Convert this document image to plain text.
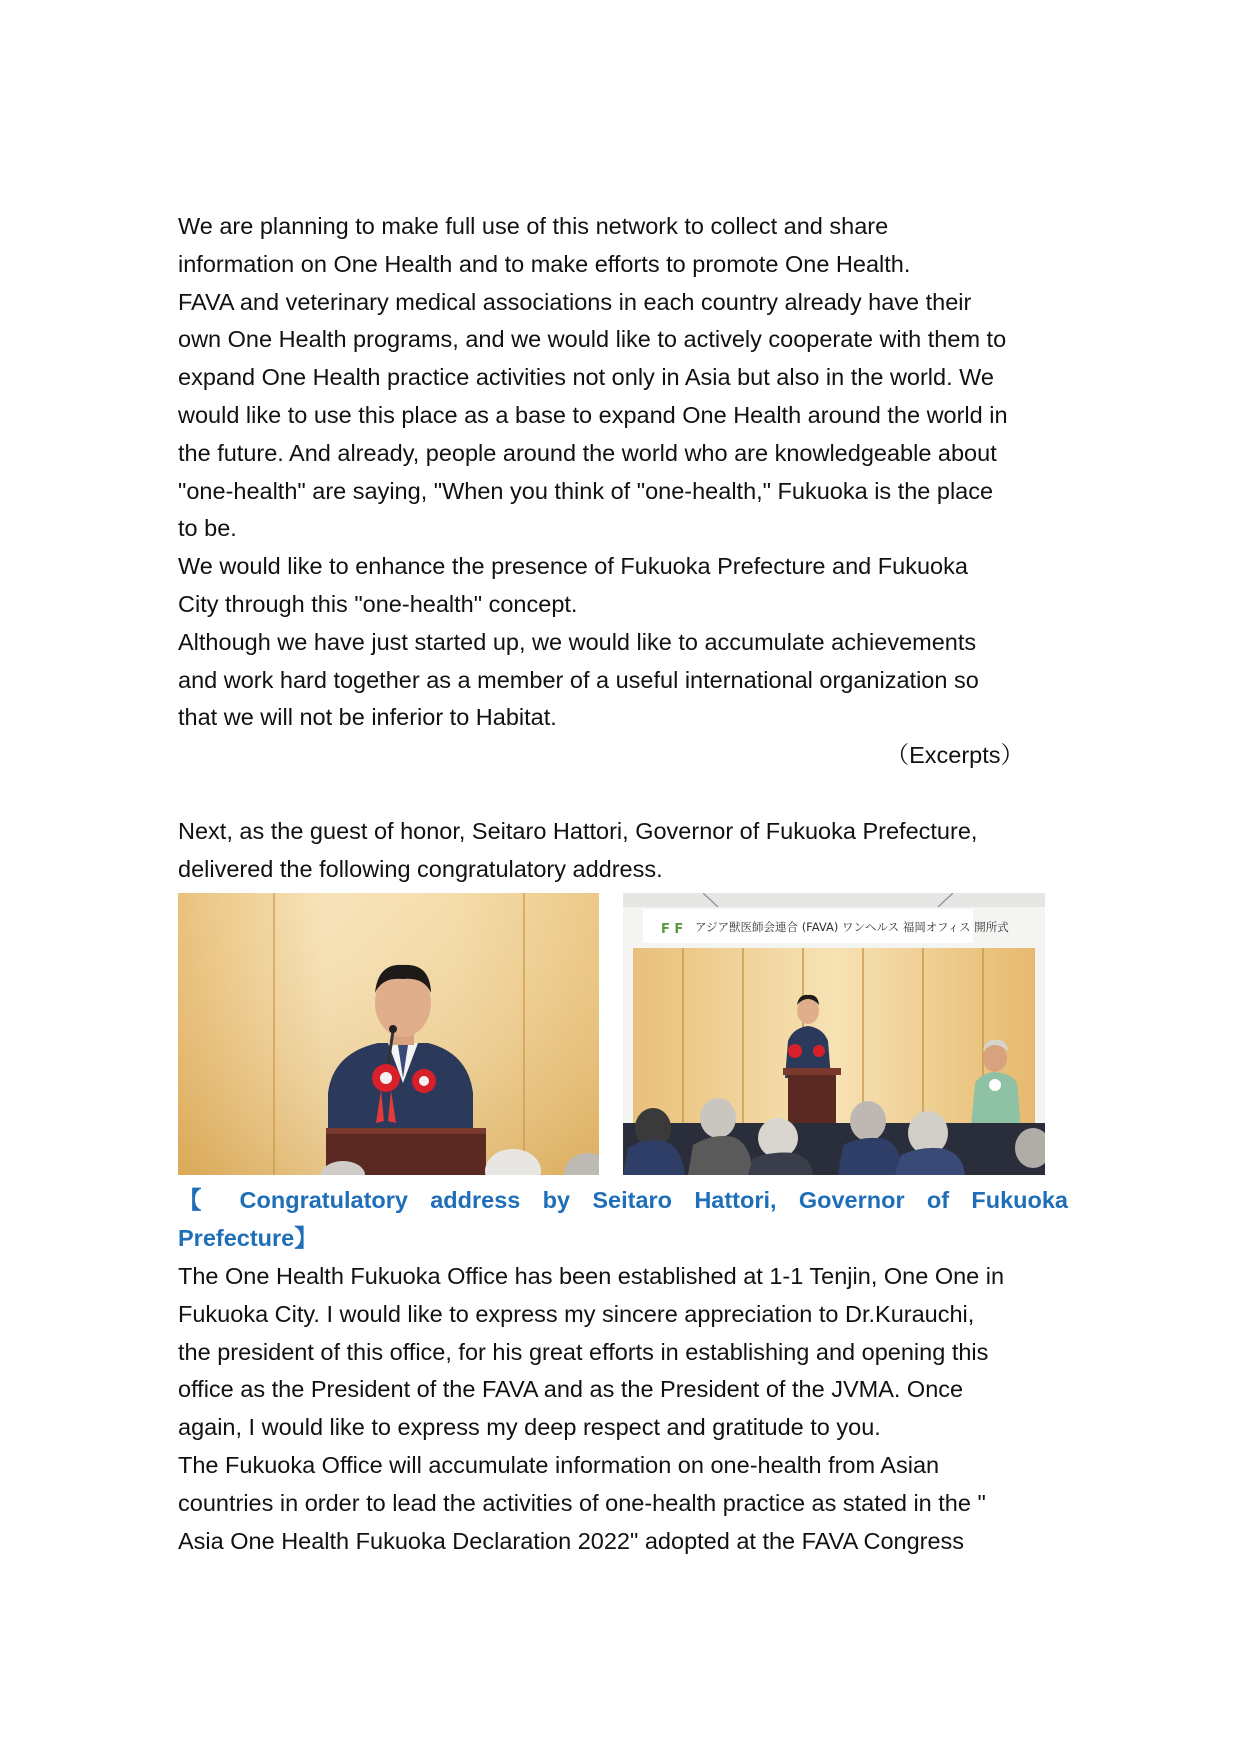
We are planning to make full use of this network to collect and share
information on One Health and to make efforts to promote One Health.
FAVA and veterinary medical associations in each country already have their
own One Health programs, and we would like to actively cooperate with them to
expand One Health practice activities not only in Asia but also in the world. We
would like to use this place as a base to expand One Health around the world in
the future. And already, people around the world who are knowledgeable about
"one-health" are saying, "When you think of "one-health," Fukuoka is the place
to be.
We would like to enhance the presence of Fukuoka Prefecture and Fukuoka
City through this "one-health" concept.
Although we have just started up, we would like to accumulate achievements
and work hard together as a member of a useful international organization so
that we will not be inferior to Habitat.
（Excerpts）
Next, as the guest of honor, Seitaro Hattori, Governor of Fukuoka Prefecture,
delivered the following congratulatory address.
F F アジア獣医師会連合 (FAVA) ワンヘルス 福岡オフィス 開所式
【 Congratulatory address by Seitaro Hattori, Governor of Fukuoka
Prefecture】
The One Health Fukuoka Office has been established at 1-1 Tenjin, One One in
Fukuoka City. I would like to express my sincere appreciation to Dr.Kurauchi,
the president of this office, for his great efforts in establishing and opening this
office as the President of the FAVA and as the President of the JVMA. Once
again, I would like to express my deep respect and gratitude to you.
The Fukuoka Office will accumulate information on one-health from Asian
countries in order to lead the activities of one-health practice as stated in the "
Asia One Health Fukuoka Declaration 2022" adopted at the FAVA Congress
